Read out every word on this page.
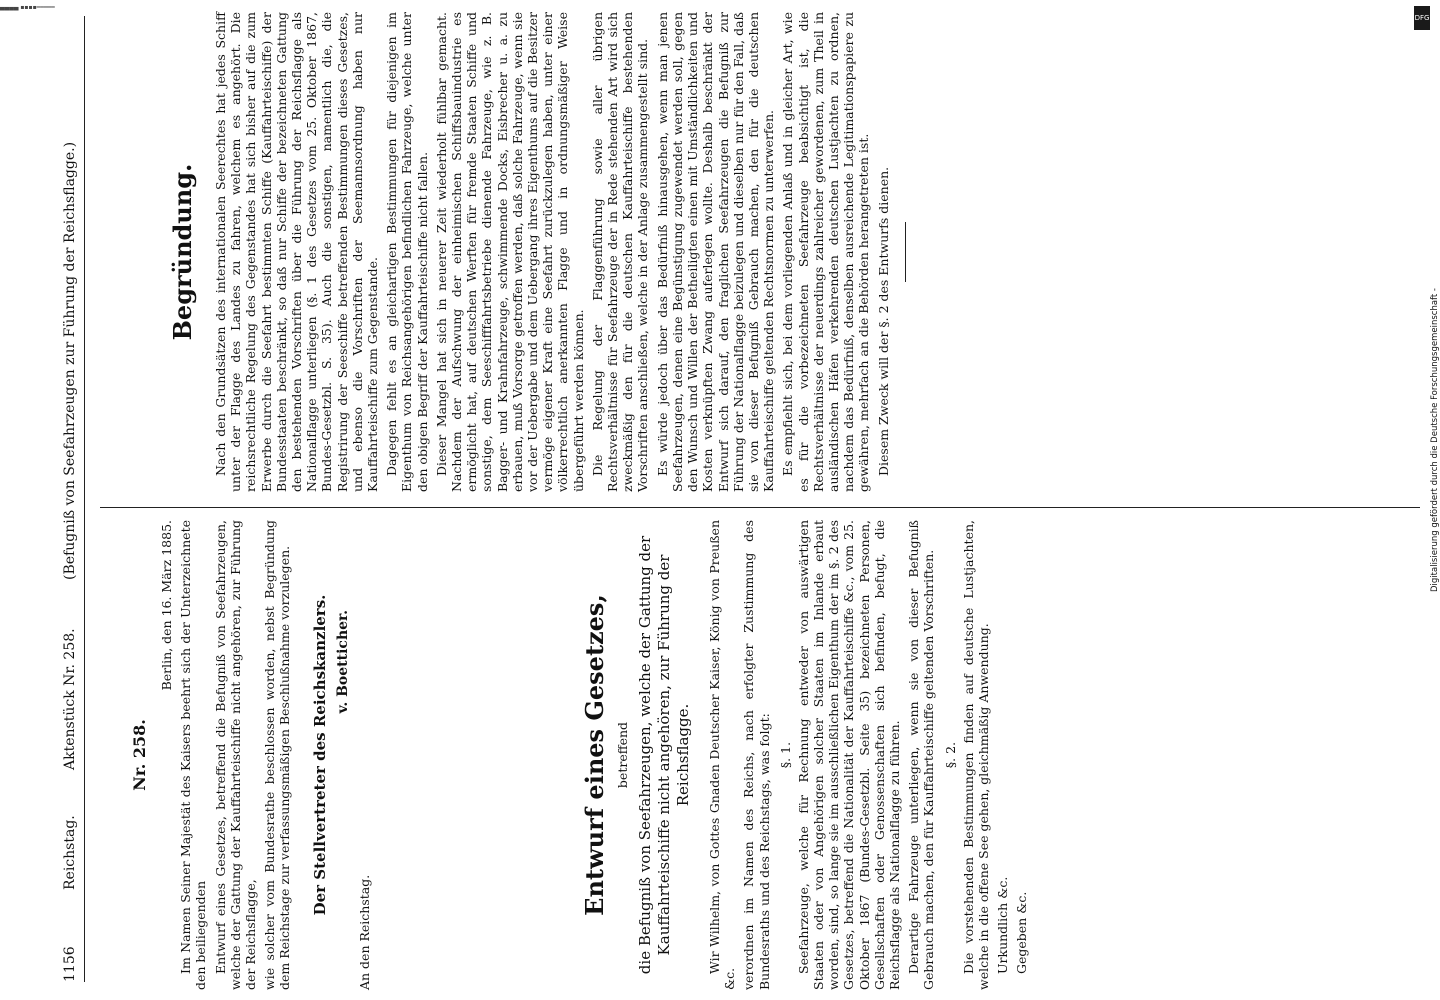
▄▄▄▄ ▪▪▪▪━━━━━
1156
Reichstag.
Aktenstück Nr. 258.
(Befugniß von Seefahrzeugen zur Führung der Reichsflagge.)
Nr. 258.

Berlin, den 16. März 1885. Im Namen Seiner Majestät des Kaisers beehrt sich der Unterzeichnete den beiliegenden Entwurf eines Gesetzes, betreffend die Befugniß von Seefahrzeugen, welche der Gattung der Kauffahrteischiffe nicht angehören, zur Führung der Reichsflagge, wie solcher vom Bundesrathe beschlossen worden, nebst Begründung dem Reichstage zur verfassungsmäßigen Beschlußnahme vorzulegen. Der Stellvertreter des Reichskanzlers. v. Boetticher.
An den Reichstag.
Entwurf eines Gesetzes, betreffend die Befugniß von Seefahrzeugen, welche der Gattung der Kauffahrteischiffe nicht angehören, zur Führung der Reichsflagge. Wir Wilhelm, von Gottes Gnaden Deutscher Kaiser, König von Preußen &c. verordnen im Namen des Reichs, nach erfolgter Zustimmung des Bundesraths und des Reichstags, was folgt: §. 1. Seefahrzeuge, welche für Rechnung entweder von auswärtigen Staaten oder von Angehörigen solcher Staaten im Inlande erbaut worden, sind, so lange sie im ausschließlichen Eigenthum der im §. 2 des Gesetzes, betreffend die Nationalität der Kauffahrteischiffe &c., vom 25. Oktober 1867 (Bundes-Gesetzbl. Seite 35) bezeichneten Personen, Gesellschaften oder Genossenschaften sich befinden, befugt, die Reichsflagge als Nationalflagge zu führen. Derartige Fahrzeuge unterliegen, wenn sie von dieser Befugniß Gebrauch machen, den für Kauffahrteischiffe geltenden Vorschriften. §. 2. Die vorstehenden Bestimmungen finden auf deutsche Lustjachten, welche in die offene See gehen, gleichmäßig Anwendung. Urkundlich &c. Gegeben &c.

Begründung. Nach den Grundsätzen des internationalen Seerechtes hat jedes Schiff unter der Flagge des Landes zu fahren, welchem es angehört. Die reichsrechtliche Regelung des Gegenstandes hat sich bisher auf die zum Erwerbe durch die Seefahrt bestimmten Schiffe (Kauffahrteischiffe) der Bundesstaaten beschränkt, so daß nur Schiffe der bezeichneten Gattung den bestehenden Vorschriften über die Führung der Reichsflagge als Nationalflagge unterliegen (§. 1 des Gesetzes vom 25. Oktober 1867, Bundes-Gesetzbl. S. 35). Auch die sonstigen, namentlich die, die Registrirung der Seeschiffe betreffenden Bestimmungen dieses Gesetzes, und ebenso die Vorschriften der Seemannsordnung haben nur Kauffahrteischiffe zum Gegenstande. Dagegen fehlt es an gleichartigen Bestimmungen für diejenigen im Eigenthum von Reichsangehörigen befindlichen Fahrzeuge, welche unter den obigen Begriff der Kauffahrteischiffe nicht fallen. Dieser Mangel hat sich in neuerer Zeit wiederholt fühlbar gemacht. Nachdem der Aufschwung der einheimischen Schiffsbauindustrie es ermöglicht hat, auf deutschen Werften für fremde Staaten Schiffe und sonstige, dem Seeschifffahrtsbetriebe dienende Fahrzeuge, wie z. B. Bagger- und Krahnfahrzeuge, schwimmende Docks, Eisbrecher u. a. zu erbauen, muß Vorsorge getroffen werden, daß solche Fahrzeuge, wenn sie vor der Uebergabe und dem Uebergang ihres Eigenthums auf die Besitzer vermöge eigener Kraft eine Seefahrt zurückzulegen haben, unter einer völkerrechtlich anerkannten Flagge und in ordnungsmäßiger Weise übergeführt werden können. Die Regelung der Flaggenführung sowie aller übrigen Rechtsverhältnisse für Seefahrzeuge der in Rede stehenden Art wird sich zweckmäßig den für die deutschen Kauffahrteischiffe bestehenden Vorschriften anschließen, welche in der Anlage zusammengestellt sind. Es würde jedoch über das Bedürfniß hinausgehen, wenn man jenen Seefahrzeugen, denen eine Begünstigung zugewendet werden soll, gegen den Wunsch und Willen der Betheiligten einen mit Umständlichkeiten und Kosten verknüpften Zwang auferlegen wollte. Deshalb beschränkt der Entwurf sich darauf, den fraglichen Seefahrzeugen die Befugniß zur Führung der Nationalflagge beizulegen und dieselben nur für den Fall, daß sie von dieser Befugniß Gebrauch machen, den für die deutschen Kauffahrteischiffe geltenden Rechtsnormen zu unterwerfen. Es empfiehlt sich, bei dem vorliegenden Anlaß und in gleicher Art, wie es für die vorbezeichneten Seefahrzeuge beabsichtigt ist, die Rechtsverhältnisse der neuerdings zahlreicher gewordenen, zum Theil in ausländischen Häfen verkehrenden deutschen Lustjachten zu ordnen, nachdem das Bedürfniß, denselben ausreichende Legitimationspapiere zu gewähren, mehrfach an die Behörden herangetreten ist. Diesem Zweck will der §. 2 des Entwurfs dienen.

DFG
Digitalisierung gefördert durch die Deutsche Forschungsgemeinschaft -
